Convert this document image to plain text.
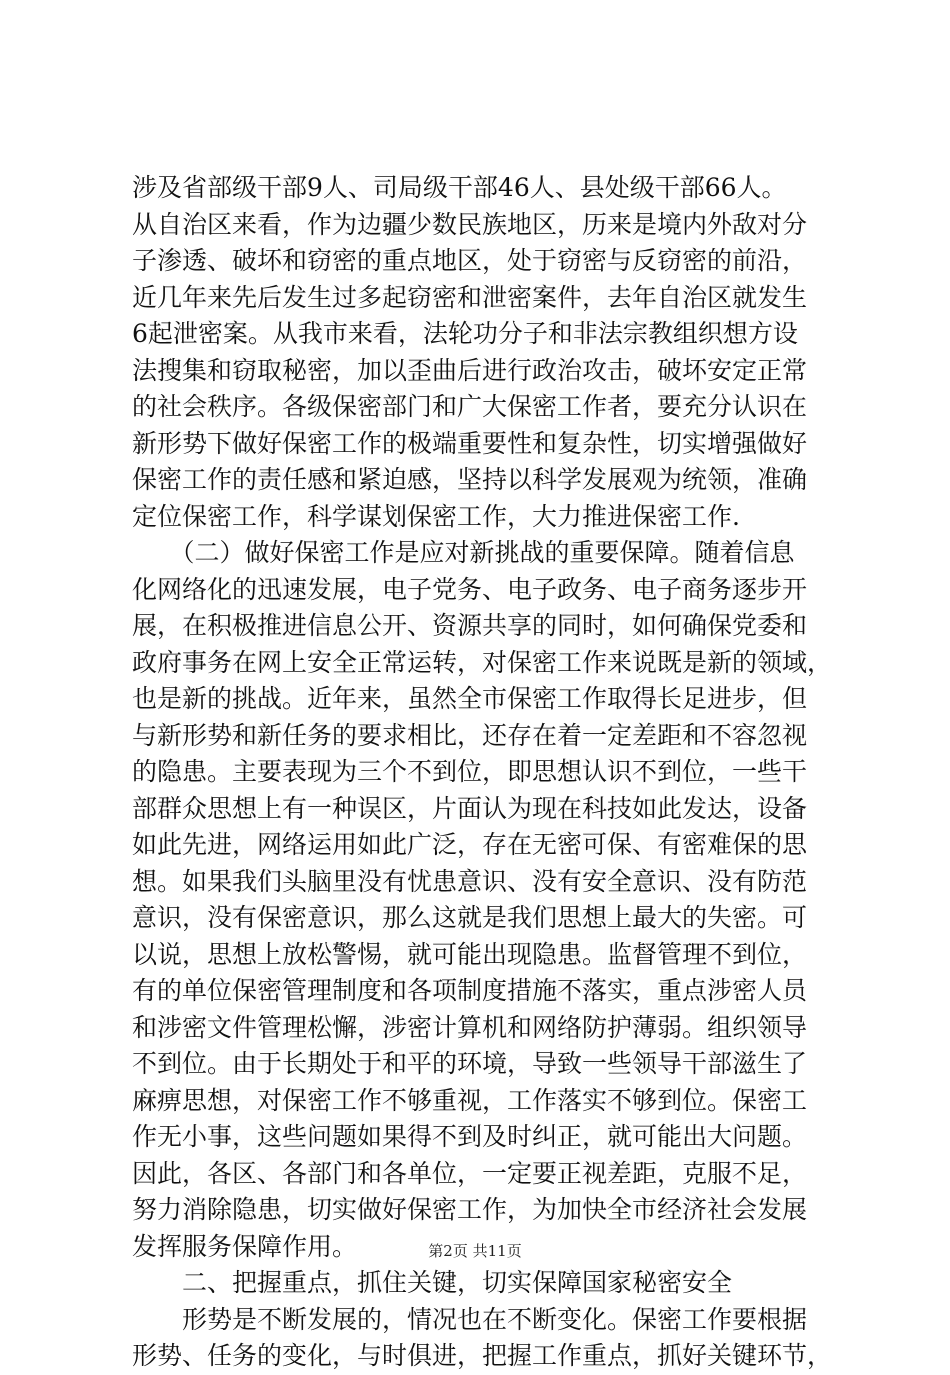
涉及省部级干部9人、司局级干部46人、县处级干部66人。
从自治区来看，作为边疆少数民族地区，历来是境内外敌对分
子渗透、破坏和窃密的重点地区，处于窃密与反窃密的前沿，
近几年来先后发生过多起窃密和泄密案件，去年自治区就发生
6起泄密案。从我市来看，法轮功分子和非法宗教组织想方设
法搜集和窃取秘密，加以歪曲后进行政治攻击，破坏安定正常
的社会秩序。各级保密部门和广大保密工作者，要充分认识在
新形势下做好保密工作的极端重要性和复杂性，切实增强做好
保密工作的责任感和紧迫感，坚持以科学发展观为统领，准确
定位保密工作，科学谋划保密工作，大力推进保密工作.
　　（二）做好保密工作是应对新挑战的重要保障。随着信息
化网络化的迅速发展，电子党务、电子政务、电子商务逐步开
展，在积极推进信息公开、资源共享的同时，如何确保党委和
政府事务在网上安全正常运转，对保密工作来说既是新的领域，
也是新的挑战。近年来，虽然全市保密工作取得长足进步，但
与新形势和新任务的要求相比，还存在着一定差距和不容忽视
的隐患。主要表现为三个不到位，即思想认识不到位，一些干
部群众思想上有一种误区，片面认为现在科技如此发达，设备
如此先进，网络运用如此广泛，存在无密可保、有密难保的思
想。如果我们头脑里没有忧患意识、没有安全意识、没有防范
意识，没有保密意识，那么这就是我们思想上最大的失密。可
以说，思想上放松警惕，就可能出现隐患。监督管理不到位，
有的单位保密管理制度和各项制度措施不落实，重点涉密人员
和涉密文件管理松懈，涉密计算机和网络防护薄弱。组织领导
不到位。由于长期处于和平的环境，导致一些领导干部滋生了
麻痹思想，对保密工作不够重视，工作落实不够到位。保密工
作无小事，这些问题如果得不到及时纠正，就可能出大问题。
因此，各区、各部门和各单位，一定要正视差距，克服不足，
努力消除隐患，切实做好保密工作，为加快全市经济社会发展
发挥服务保障作用。
　　二、把握重点，抓住关键，切实保障国家秘密安全
　　形势是不断发展的，情况也在不断变化。保密工作要根据
形势、任务的变化，与时俱进，把握工作重点，抓好关键环节，
第2页 共11页
